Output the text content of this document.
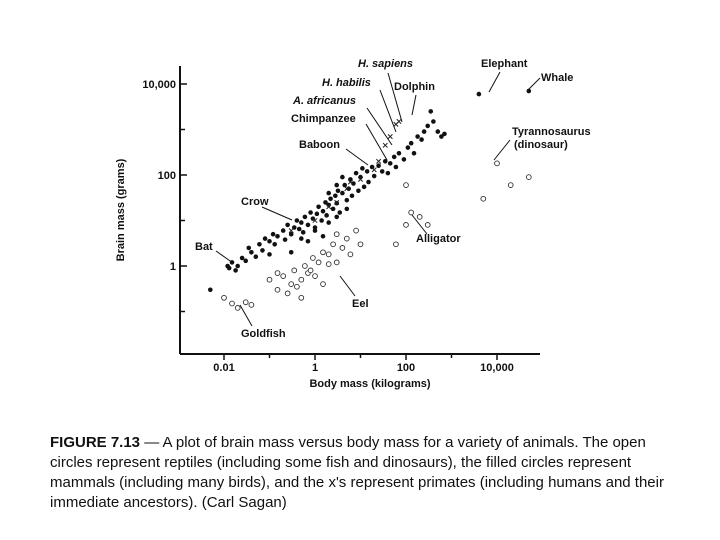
0.01	1	100	10,000
1
100
10,000
Body mass (kilograms)
Brain mass (grams)
H. sapiens
H. habilis
A. africanus
Chimpanzee
Baboon
Dolphin
Elephant
Whale
Tyrannosaurus
(dinosaur)
Crow
Bat
Alligator
Eel
Goldfish
FIGURE 7.13 — A plot of brain mass versus body mass for a variety of animals. The open circles represent reptiles (including some fish and dinosaurs), the filled circles represent mammals (including many birds), and the x's represent primates (including humans and their immediate ancestors). (Carl Sagan)
